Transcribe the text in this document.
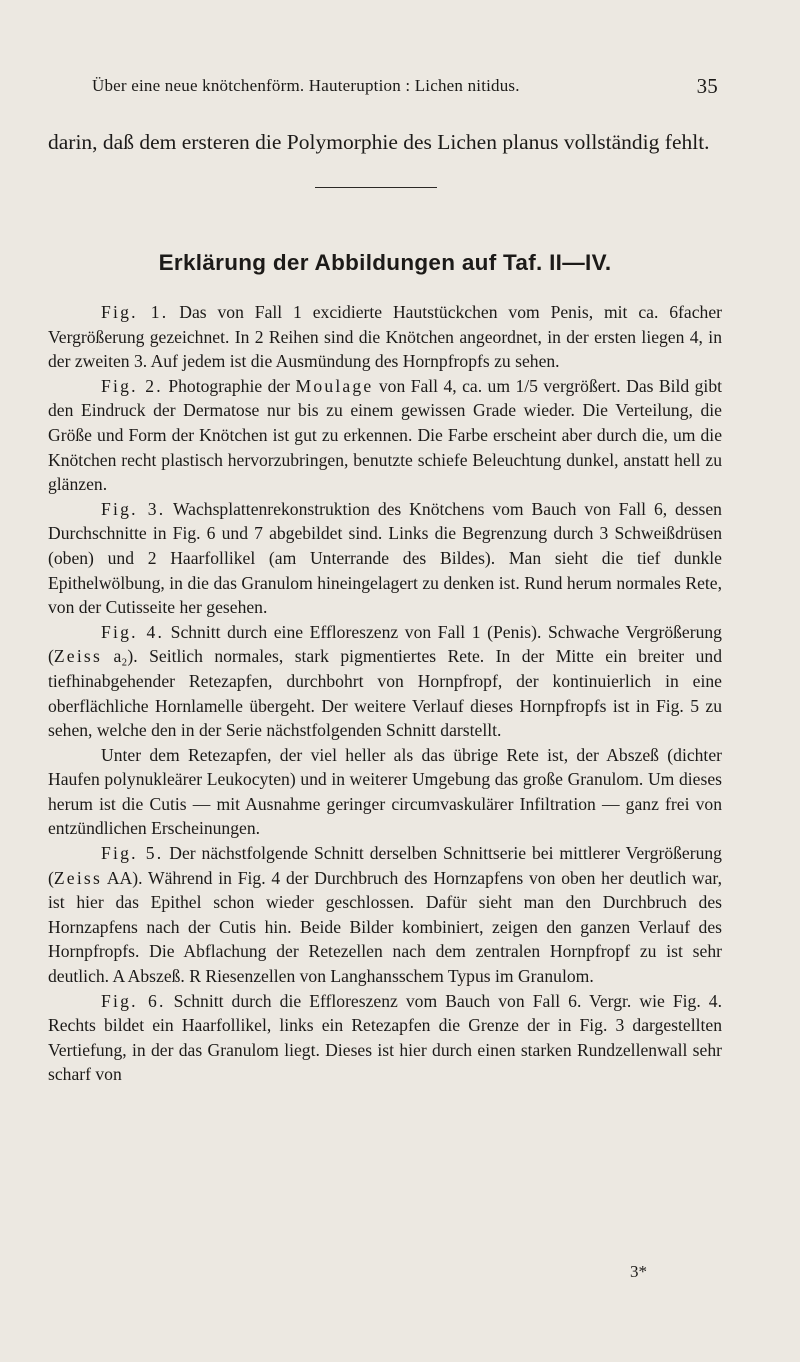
Über eine neue knötchenförm. Hauteruption : Lichen nitidus.	35
darin, daß dem ersteren die Polymorphie des Lichen planus vollständig fehlt.
Erklärung der Abbildungen auf Taf. II—IV.

Fig. 1. Das von Fall 1 excidierte Hautstückchen vom Penis, mit ca. 6facher Vergrößerung gezeichnet. In 2 Reihen sind die Knötchen angeordnet, in der ersten liegen 4, in der zweiten 3. Auf jedem ist die Ausmündung des Hornpfropfs zu sehen.

Fig. 2. Photographie der Moulage von Fall 4, ca. um 1/5 vergrößert. Das Bild gibt den Eindruck der Dermatose nur bis zu einem gewissen Grade wieder. Die Verteilung, die Größe und Form der Knötchen ist gut zu erkennen. Die Farbe erscheint aber durch die, um die Knötchen recht plastisch hervorzubringen, benutzte schiefe Beleuchtung dunkel, anstatt hell zu glänzen.

Fig. 3. Wachsplattenrekonstruktion des Knötchens vom Bauch von Fall 6, dessen Durchschnitte in Fig. 6 und 7 abgebildet sind. Links die Begrenzung durch 3 Schweißdrüsen (oben) und 2 Haarfollikel (am Unterrande des Bildes). Man sieht die tief dunkle Epithelwölbung, in die das Granulom hineingelagert zu denken ist. Rund herum normales Rete, von der Cutisseite her gesehen.

Fig. 4. Schnitt durch eine Effloreszenz von Fall 1 (Penis). Schwache Vergrößerung (Zeiss a₂). Seitlich normales, stark pigmentiertes Rete. In der Mitte ein breiter und tiefhinabgehender Retezapfen, durchbohrt von Hornpfropf, der kontinuierlich in eine oberflächliche Hornlamelle übergeht. Der weitere Verlauf dieses Hornpfropfs ist in Fig. 5 zu sehen, welche den in der Serie nächstfolgenden Schnitt darstellt.

Unter dem Retezapfen, der viel heller als das übrige Rete ist, der Abszeß (dichter Haufen polynukleärer Leukocyten) und in weiterer Umgebung das große Granulom. Um dieses herum ist die Cutis — mit Ausnahme geringer circumvaskulärer Infiltration — ganz frei von entzündlichen Erscheinungen.

Fig. 5. Der nächstfolgende Schnitt derselben Schnittserie bei mittlerer Vergrößerung (Zeiss AA). Während in Fig. 4 der Durchbruch des Hornzapfens von oben her deutlich war, ist hier das Epithel schon wieder geschlossen. Dafür sieht man den Durchbruch des Hornzapfens nach der Cutis hin. Beide Bilder kombiniert, zeigen den ganzen Verlauf des Hornpfropfs. Die Abflachung der Retezellen nach dem zentralen Hornpfropf zu ist sehr deutlich. A Abszeß. R Riesenzellen von Langhansschem Typus im Granulom.

Fig. 6. Schnitt durch die Effloreszenz vom Bauch von Fall 6. Vergr. wie Fig. 4. Rechts bildet ein Haarfollikel, links ein Retezapfen die Grenze der in Fig. 3 dargestellten Vertiefung, in der das Granulom liegt. Dieses ist hier durch einen starken Rundzellenwall sehr scharf von

3*
